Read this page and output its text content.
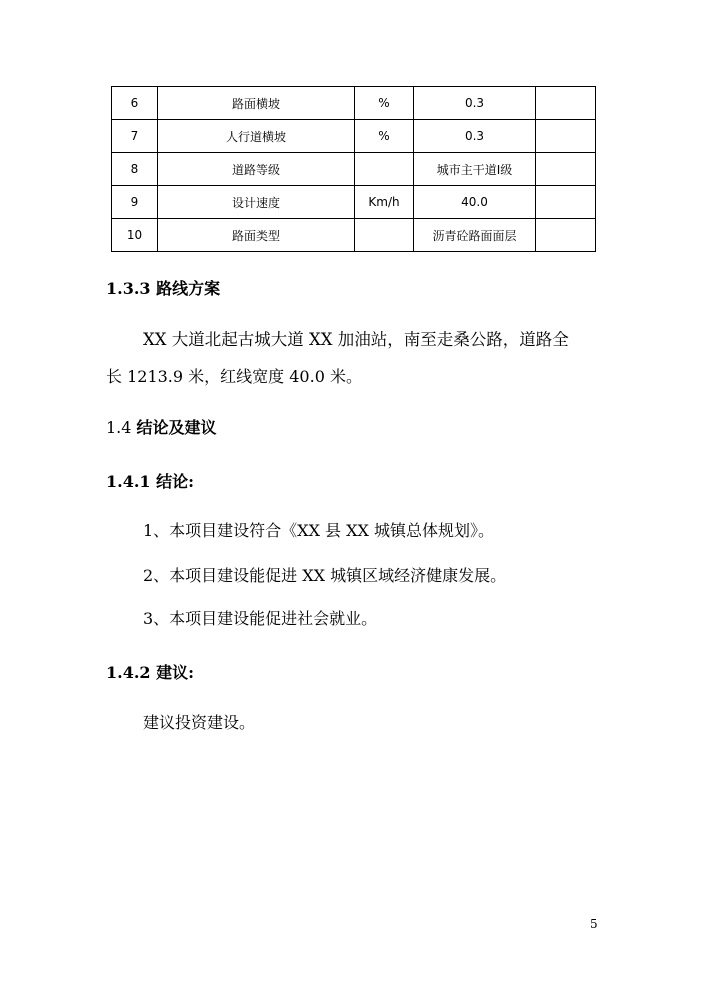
6	路面横坡	%	0.3	
7	人行道横坡	%	0.3	
8	道路等级		城市主干道Ⅰ级	
9	设计速度	Km/h	40.0	
10	路面类型		沥青砼路面面层	
1.3.3 路线方案
XX 大道北起古城大道 XX 加油站，南至走桑公路，道路全
长 1213.9 米，红线宽度 40.0 米。
1.4 结论及建议
1.4.1 结论:
1、本项目建设符合《XX 县 XX 城镇总体规划》。
2、本项目建设能促进 XX 城镇区域经济健康发展。
3、本项目建设能促进社会就业。
1.4.2 建议:
建议投资建设。
5
